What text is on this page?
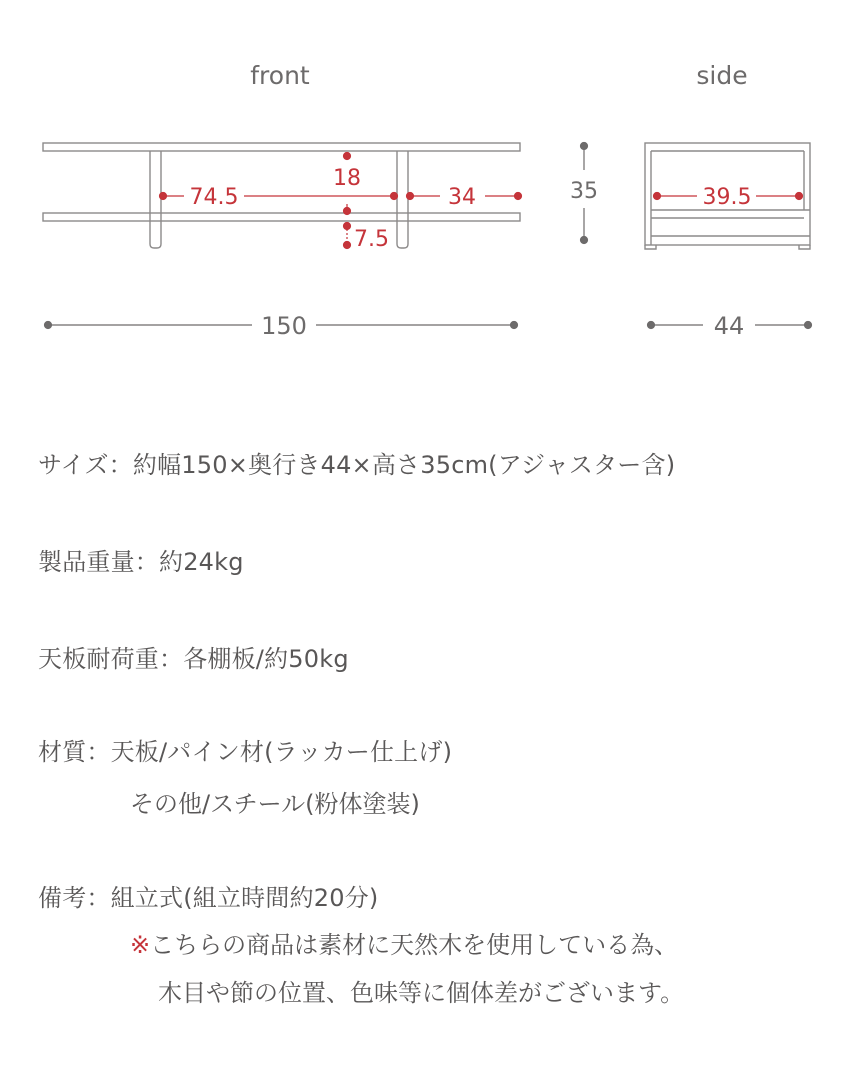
front	side
74.5	34
18
7.5
35
150
39.5
44
サイズ：約幅150×奥行き44×高さ35cm(アジャスター含)
製品重量：約24kg
天板耐荷重：各棚板/約50kg
材質：天板/パイン材(ラッカー仕上げ)
その他/スチール(粉体塗装)
備考：組立式(組立時間約20分)
※こちらの商品は素材に天然木を使用している為、
木目や節の位置、色味等に個体差がございます。
